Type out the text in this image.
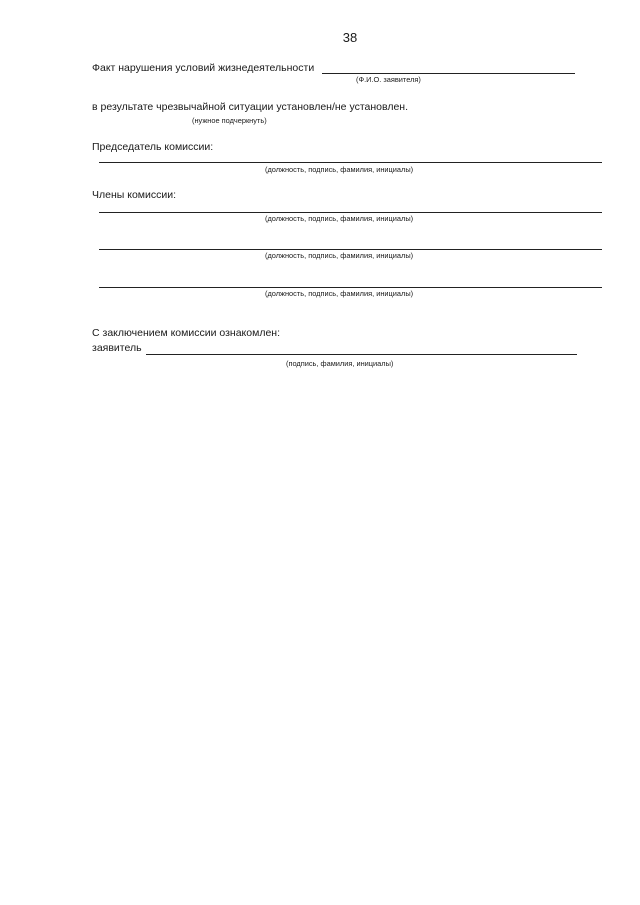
38
Факт нарушения условий жизнедеятельности
(Ф.И.О. заявителя)
в результате чрезвычайной ситуации установлен/не установлен.
(нужное подчеркнуть)
Председатель комиссии:
(должность, подпись, фамилия, инициалы)
Члены комиссии:
(должность, подпись, фамилия, инициалы)
(должность, подпись, фамилия, инициалы)
(должность, подпись, фамилия, инициалы)
С заключением комиссии ознакомлен:
заявитель
(подпись, фамилия, инициалы)
